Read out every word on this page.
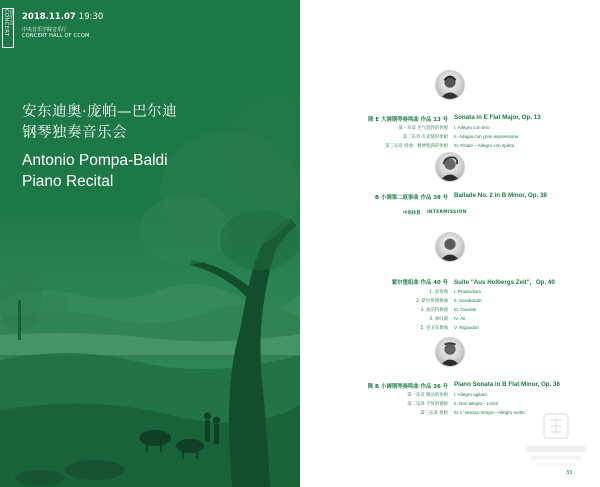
音乐会 CONCERT	2018.11.07 19:30
中央音乐学院音乐厅
CONCERT HALL OF CCOM
安东迪奥·庞帕—巴尔迪
钢琴独奏音乐会
Antonio Pompa-Baldi
Piano Recital
降 E 大调钢琴奏鸣曲 作品 13 号 Sonata in E Flat Major, Op. 13
第一乐章 生气勃勃的快板 I. Allegro con brio
第二乐章 有表情的柔板 II. Adagio con gran espressione
第三乐章 终曲：精神饱满的快板 III. Finale – Allegro con spirito
B 小调第二叙事曲 作品 38 号 Ballade No. 2 in B Minor, Op. 38
中场休息 INTERMISSION
霍尔堡组曲 作品 40 号 Suite "Aus Holbergs Zeit"，Op. 40
1. 前奏曲 I. Praeludium
2. 萨拉班德舞曲 II. Sarabande
3. 加沃特舞曲 III. Gavotte
4. 咏叹调 IV. Air
5. 里戈东舞曲 V. Rigaudon
降 B 小调钢琴奏鸣曲 作品 36 号 Piano Sonata in B Flat Minor, Op. 36
第一乐章 激动的快板 I. Allegro agitato
第二乐章 不快的慢板 II. Non allegro - Lento
第三乐章 快板 III. L' istesso tempo—Allegro molto
33
